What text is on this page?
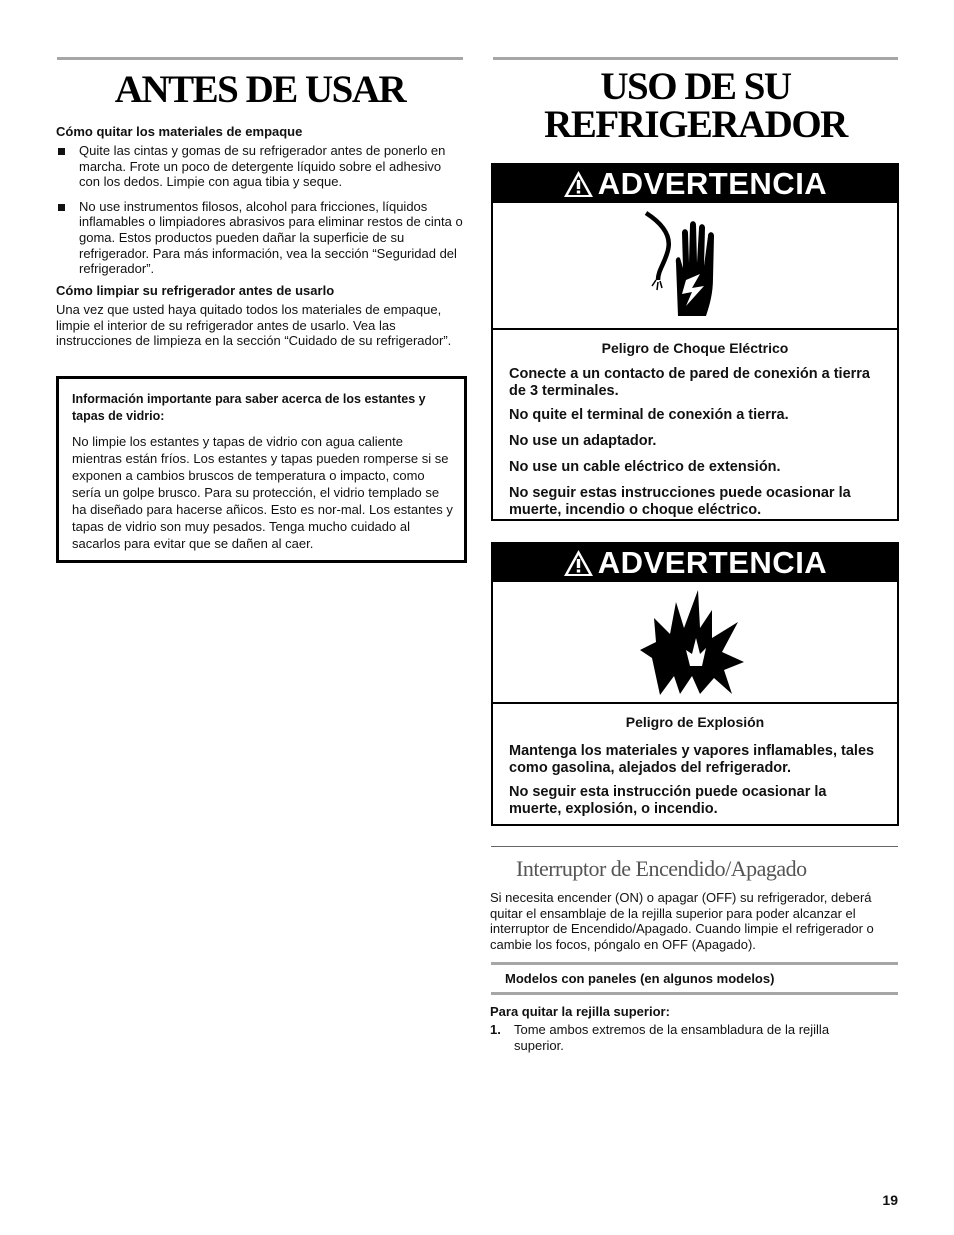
ANTES DE USAR
Cómo quitar los materiales de empaque
Quite las cintas y gomas de su refrigerador antes de ponerlo en marcha. Frote un poco de detergente líquido sobre el adhesivo con los dedos. Limpie con agua tibia y seque.
No use instrumentos filosos, alcohol para fricciones, líquidos inflamables o limpiadores abrasivos para eliminar restos de cinta o goma. Estos productos pueden dañar la superficie de su refrigerador. Para más información, vea la sección “Seguridad del refrigerador”.
Cómo limpiar su refrigerador antes de usarlo
Una vez que usted haya quitado todos los materiales de empaque, limpie el interior de su refrigerador antes de usarlo. Vea las instrucciones de limpieza en la sección “Cuidado de su refrigerador”.
Información importante para saber acerca de los estantes y tapas de vidrio:
No limpie los estantes y tapas de vidrio con agua caliente mientras están fríos. Los estantes y tapas pueden romperse si se exponen a cambios bruscos de temperatura o impacto, como sería un golpe brusco. Para su protección, el vidrio templado se ha diseñado para hacerse añicos. Esto es nor-mal. Los estantes y tapas de vidrio son muy pesados. Tenga mucho cuidado al sacarlos para evitar que se dañen al caer.
USO DE SU
REFRIGERADOR
ADVERTENCIA
Peligro de Choque Eléctrico

Conecte a un contacto de pared de conexión a tierra de 3 terminales.

No quite el terminal de conexión a tierra.

No use un adaptador.

No use un cable eléctrico de extensión.

No seguir estas instrucciones puede ocasionar la muerte, incendio o choque eléctrico.

ADVERTENCIA
Peligro de Explosión

Mantenga los materiales y vapores inflamables, tales como gasolina, alejados del refrigerador.

No seguir esta instrucción puede ocasionar la muerte, explosión, o incendio.

Interruptor de Encendido/Apagado
Si necesita encender (ON) o apagar (OFF) su refrigerador, deberá quitar el ensamblaje de la rejilla superior para poder alcanzar el interruptor de Encendido/Apagado. Cuando limpie el refrigerador o cambie los focos, póngalo en OFF (Apagado).
Modelos con paneles (en algunos modelos)
Para quitar la rejilla superior:
1. Tome ambos extremos de la ensambladura de la rejilla superior.
19
